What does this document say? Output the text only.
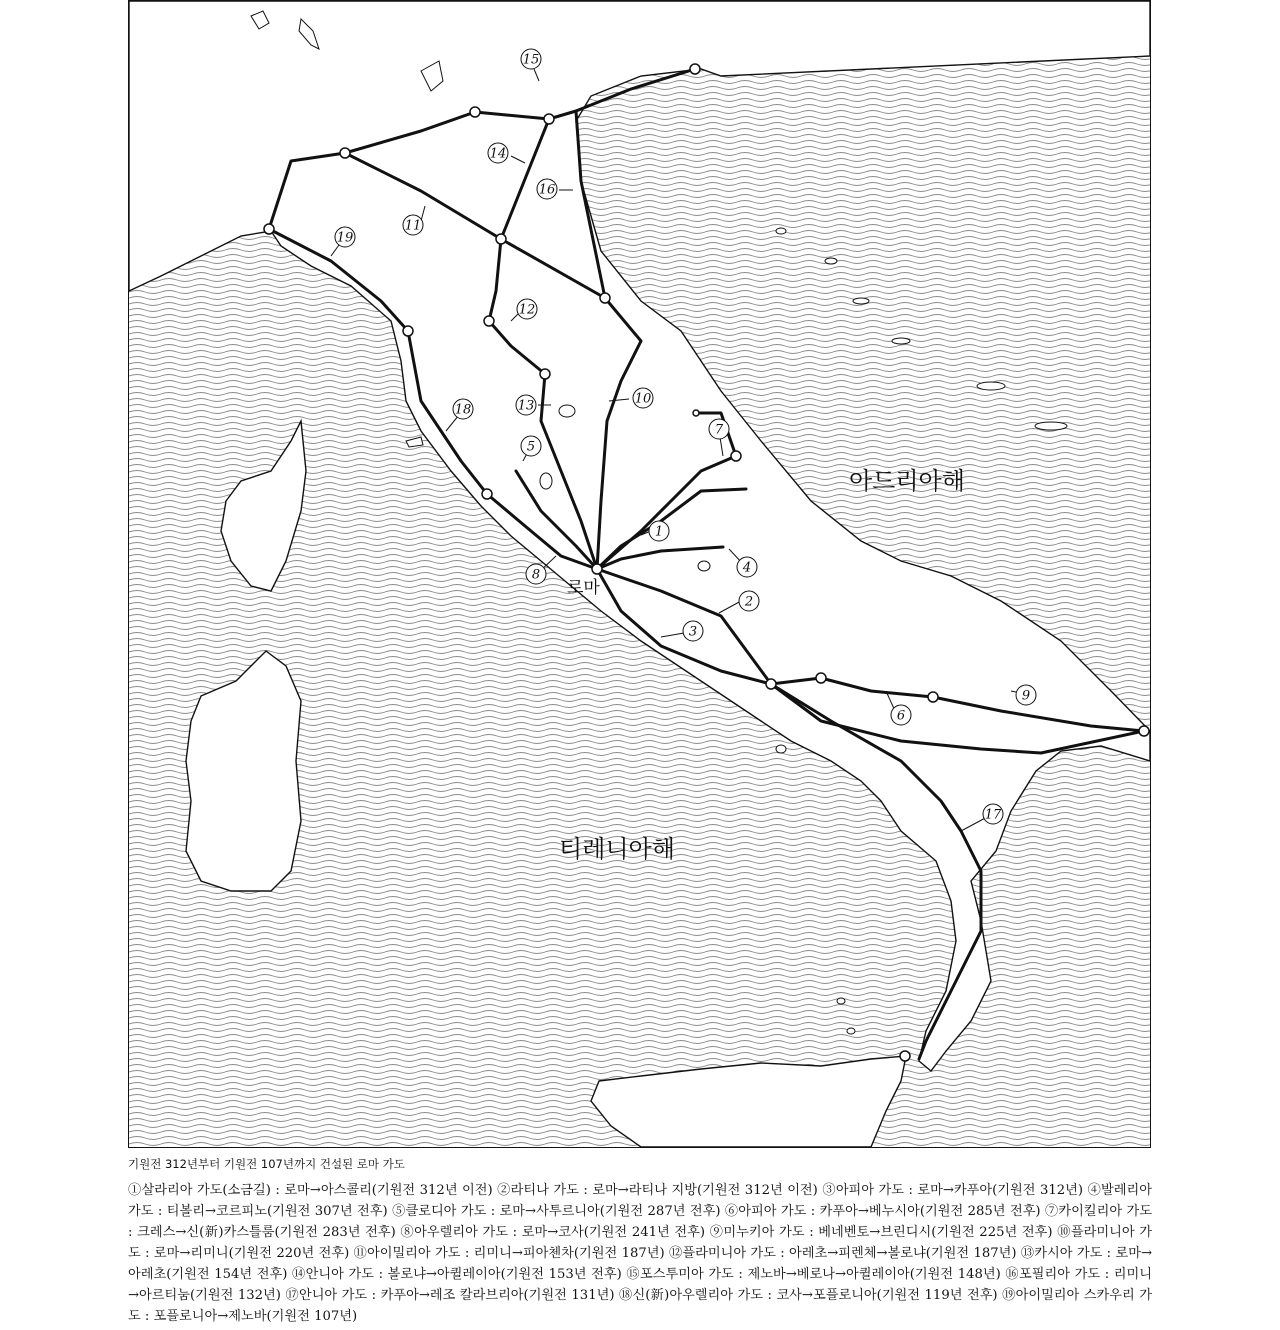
1
2
3
4
5
6
7
8
9
10
11
12
13
14
15
16
17
18
19
아드리아해
티레니아해
로마
기원전 312년부터 기원전 107년까지 건설된 로마 가도
①살라리아 가도(소금길) : 로마→아스콜리(기원전 312년 이전) ②라티나 가도 : 로마→라티나 지방(기원전 312년 이전) ③아피아 가도 : 로마→카푸아(기원전 312년) ④발레리아 가도 : 티볼리→코르피노(기원전 307년 전후) ⑤클로디아 가도 : 로마→사투르니아(기원전 287년 전후) ⑥아피아 가도 : 카푸아→베누시아(기원전 285년 전후) ⑦카이킬리아 가도 : 크레스→신(新)카스틀룸(기원전 283년 전후) ⑧아우렐리아 가도 : 로마→코사(기원전 241년 전후) ⑨미누키아 가도 : 베네벤토→브린디시(기원전 225년 전후) ⑩플라미니아 가도 : 로마→리미니(기원전 220년 전후) ⑪아이밀리아 가도 : 리미니→피아첸차(기원전 187년) ⑫플라미니아 가도 : 아레초→피렌체→볼로냐(기원전 187년) ⑬카시아 가도 : 로마→아레초(기원전 154년 전후) ⑭안니아 가도 : 볼로냐→아퀼레이아(기원전 153년 전후) ⑮포스투미아 가도 : 제노바→베로나→아퀼레이아(기원전 148년) ⑯포필리아 가도 : 리미니→아르티눔(기원전 132년) ⑰안니아 가도 : 카푸아→레조 칼라브리아(기원전 131년) ⑱신(新)아우렐리아 가도 : 코사→포플로니아(기원전 119년 전후) ⑲아이밀리아 스카우리 가도 : 포플로니아→제노바(기원전 107년)
